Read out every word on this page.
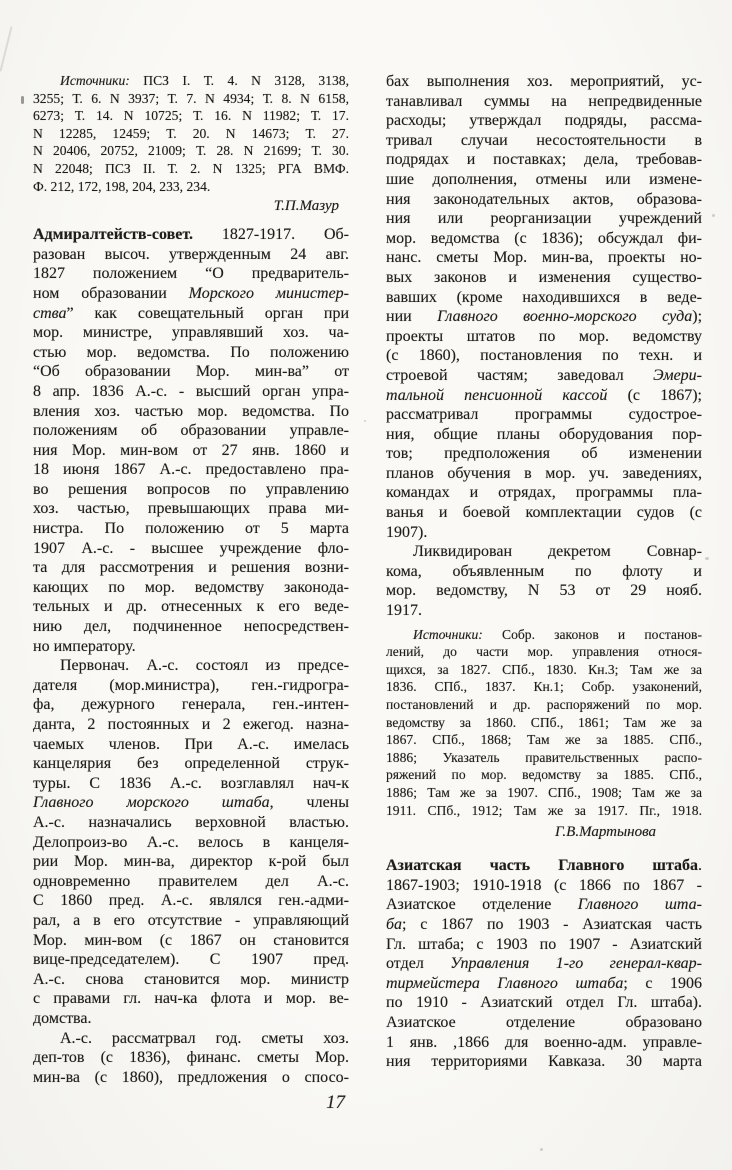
Источники: ПСЗ I. Т. 4. N 3128, 3138,
3255; Т. 6. N 3937; Т. 7. N 4934; Т. 8. N 6158,
6273; Т. 14. N 10725; Т. 16. N 11982; Т. 17.
N 12285, 12459; Т. 20. N 14673; Т. 27.
N 20406, 20752, 21009; Т. 28. N 21699; Т. 30.
N 22048; ПСЗ II. Т. 2. N 1325; РГА ВМФ.
Ф. 212, 172, 198, 204, 233, 234.
Т.П.Мазур
Адмиралтейств-совет. 1827-1917. Об-
разован высоч. утвержденным 24 авг.
1827 положением “О предваритель-
ном образовании Морского министер-
ства” как совещательный орган при
мор. министре, управлявший хоз. ча-
стью мор. ведомства. По положению
“Об образовании Мор. мин-ва” от
8 апр. 1836 А.-с. - высший орган упра-
вления хоз. частью мор. ведомства. По
положениям об образовании управле-
ния Мор. мин-вом от 27 янв. 1860 и
18 июня 1867 А.-с. предоставлено пра-
во решения вопросов по управлению
хоз. частью, превышающих права ми-
нистра. По положению от 5 марта
1907 А.-с. - высшее учреждение фло-
та для рассмотрения и решения возни-
кающих по мор. ведомству законода-
тельных и др. отнесенных к его веде-
нию дел, подчиненное непосредствен-
но императору.
Первонач. А.-с. состоял из предсе-
дателя (мор.министра), ген.-гидрогра-
фа, дежурного генерала, ген.-интен-
данта, 2 постоянных и 2 ежегод. назна-
чаемых членов. При А.-с. имелась
канцелярия без определенной струк-
туры. С 1836 А.-с. возглавлял нач-к
Главного морского штаба, члены
А.-с. назначались верховной властью.
Делопроиз-во А.-с. велось в канцеля-
рии Мор. мин-ва, директор к-рой был
одновременно правителем дел А.-с.
С 1860 пред. А.-с. являлся ген.-адми-
рал, а в его отсутствие - управляющий
Мор. мин-вом (с 1867 он становится
вице-председателем). С 1907 пред.
А.-с. снова становится мор. министр
с правами гл. нач-ка флота и мор. ве-
домства.
А.-с. рассматрвал год. сметы хоз.
деп-тов (с 1836), финанс. сметы Мор.
мин-ва (с 1860), предложения о спосо-
бах выполнения хоз. мероприятий, ус-
танавливал суммы на непредвиденные
расходы; утверждал подряды, рассма-
тривал случаи несостоятельности в
подрядах и поставках; дела, требовав-
шие дополнения, отмены или измене-
ния законодательных актов, образова-
ния или реорганизации учреждений
мор. ведомства (с 1836); обсуждал фи-
нанс. сметы Мор. мин-ва, проекты но-
вых законов и изменения существо-
вавших (кроме находившихся в веде-
нии Главного военно-морского суда);
проекты штатов по мор. ведомству
(с 1860), постановления по техн. и
строевой частям; заведовал Эмери-
тальной пенсионной кассой (с 1867);
рассматривал программы судострое-
ния, общие планы оборудования пор-
тов; предположения об изменении
планов обучения в мор. уч. заведениях,
командах и отрядах, программы пла-
ванья и боевой комплектации судов (с
1907).
Ликвидирован декретом Совнар-
кома, объявленным по флоту и
мор. ведомству, N 53 от 29 нояб.
1917.
Источники: Собр. законов и постанов-
лений, до части мор. управления относя-
щихся, за 1827. СПб., 1830. Кн.3; Там же за
1836. СПб., 1837. Кн.1; Собр. узаконений,
постановлений и др. распоряжений по мор.
ведомству за 1860. СПб., 1861; Там же за
1867. СПб., 1868; Там же за 1885. СПб.,
1886; Указатель правительственных распо-
ряжений по мор. ведомству за 1885. СПб.,
1886; Там же за 1907. СПб., 1908; Там же за
1911. СПб., 1912; Там же за 1917. Пг., 1918.
Г.В.Мартынова
Азиатская часть Главного штаба.
1867-1903; 1910-1918 (с 1866 по 1867 -
Азиатское отделение Главного шта-
ба; с 1867 по 1903 - Азиатская часть
Гл. штаба; с 1903 по 1907 - Азиатский
отдел Управления 1-го генерал-квар-
тирмейстера Главного штаба; с 1906
по 1910 - Азиатский отдел Гл. штаба).
Азиатское отделение образовано
1 янв. ,1866 для военно-адм. управле-
ния территориями Кавказа. 30 марта
17
